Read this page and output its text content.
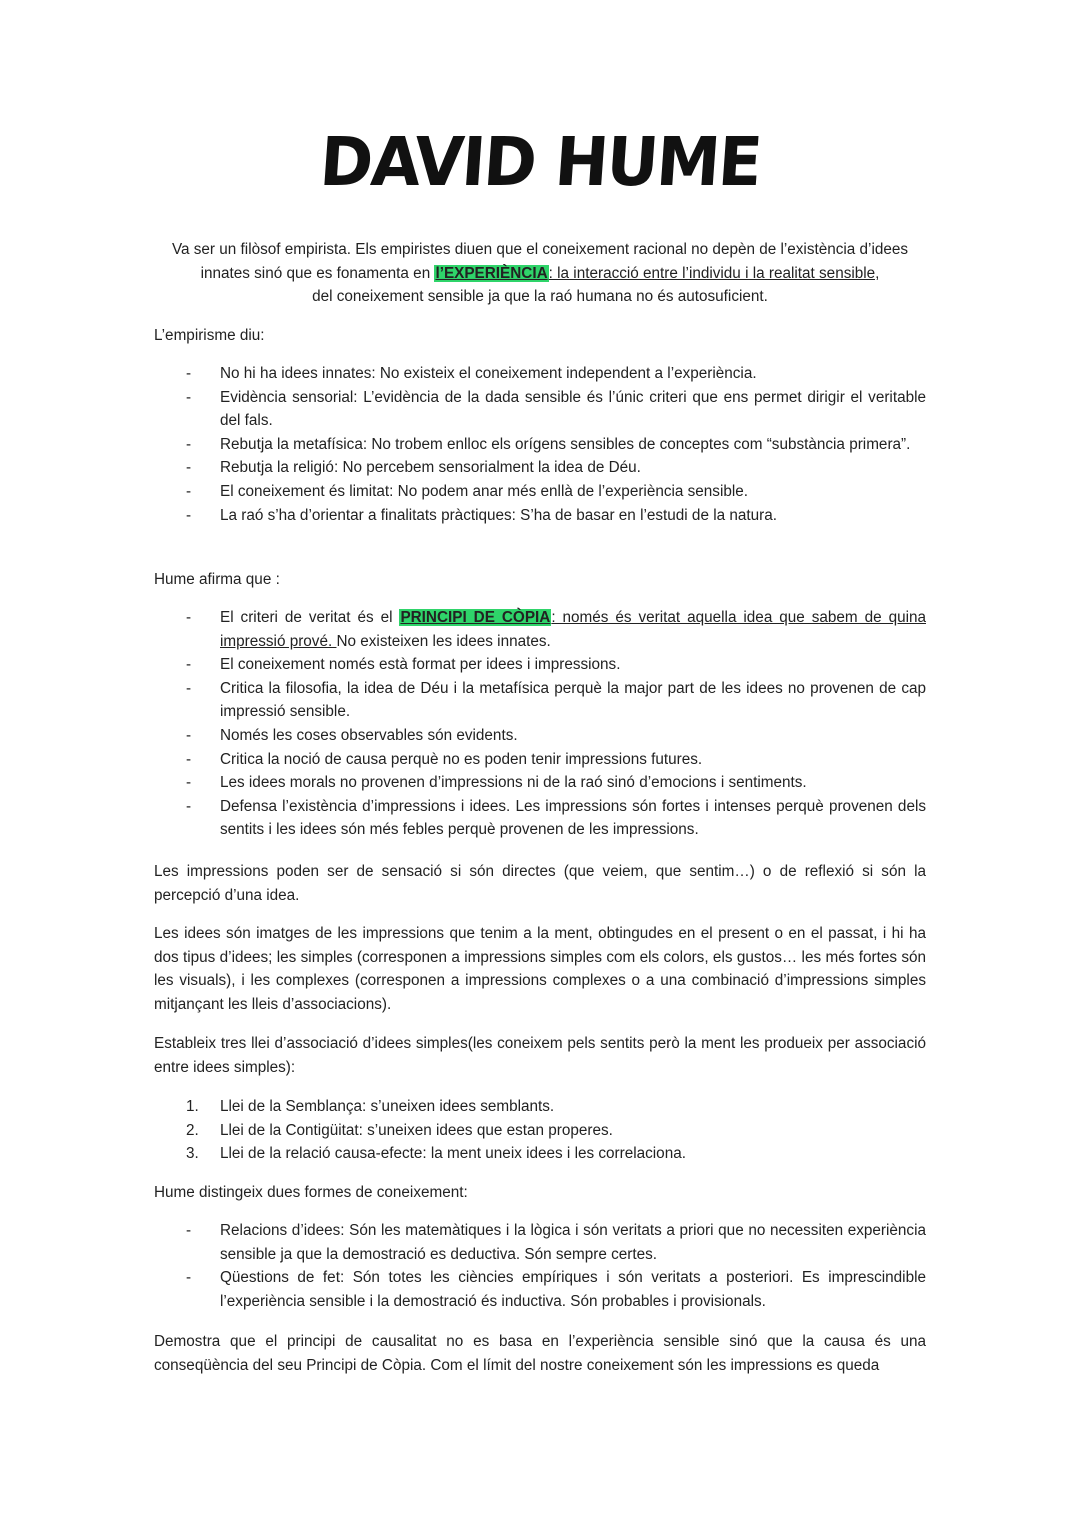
DAVID HUME

Va ser un filòsof empirista. Els empiristes diuen que el coneixement racional no depèn de l’existència d’idees innates sinó que es fonamenta en l’EXPERIÈNCIA: la interacció entre l’individu i la realitat sensible,
del coneixement sensible ja que la raó humana no és autosuficient.

L’empirisme diu:

- No hi ha idees innates: No existeix el coneixement independent a l’experiència.
- Evidència sensorial: L’evidència de la dada sensible és l’únic criteri que ens permet dirigir el veritable del fals.
- Rebutja la metafísica: No trobem enlloc els orígens sensibles de conceptes com “substància primera”.
- Rebutja la religió: No percebem sensorialment la idea de Déu.
- El coneixement és limitat: No podem anar més enllà de l’experiència sensible.
- La raó s’ha d’orientar a finalitats pràctiques: S’ha de basar en l’estudi de la natura.

Hume afirma que :

- El criteri de veritat és el PRINCIPI DE CÒPIA: només és veritat aquella idea que sabem de quina impressió prové. No existeixen les idees innates.
- El coneixement només està format per idees i impressions.
- Critica la filosofia, la idea de Déu i la metafísica perquè la major part de les idees no provenen de cap impressió sensible.
- Només les coses observables són evidents.
- Critica la noció de causa perquè no es poden tenir impressions futures.
- Les idees morals no provenen d’impressions ni de la raó sinó d’emocions i sentiments.
- Defensa l’existència d’impressions i idees. Les impressions són fortes i intenses perquè provenen dels sentits i les idees són més febles perquè provenen de les impressions.

Les impressions poden ser de sensació si són directes (que veiem, que sentim…) o de reflexió si són la percepció d’una idea.

Les idees són imatges de les impressions que tenim a la ment, obtingudes en el present o en el passat, i hi ha dos tipus d’idees; les simples (corresponen a impressions simples com els colors, els gustos… les més fortes són les visuals), i les complexes (corresponen a impressions complexes o a una combinació d’impressions simples mitjançant les lleis d’associacions).

Estableix tres llei d’associació d’idees simples(les coneixem pels sentits però la ment les produeix per associació entre idees simples):

1. Llei de la Semblança: s’uneixen idees semblants.
2. Llei de la Contigüitat: s’uneixen idees que estan properes.
3. Llei de la relació causa-efecte: la ment uneix idees i les correlaciona.

Hume distingeix dues formes de coneixement:

- Relacions d’idees: Són les matemàtiques i la lògica i són veritats a priori que no necessiten experiència sensible ja que la demostració es deductiva. Són sempre certes.
- Qüestions de fet: Són totes les ciències empíriques i són veritats a posteriori. Es imprescindible l’experiència sensible i la demostració és inductiva. Són probables i provisionals.

Demostra que el principi de causalitat no es basa en l’experiència sensible sinó que la causa és una conseqüència del seu Principi de Còpia. Com el límit del nostre coneixement són les impressions es queda
